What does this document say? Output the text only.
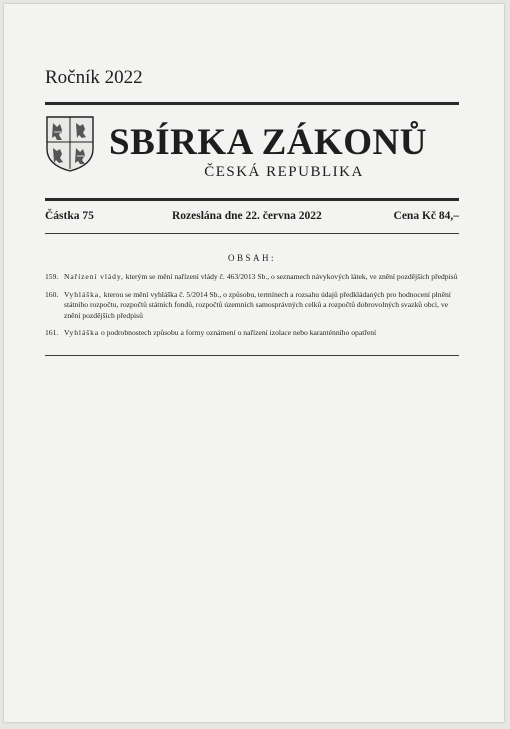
Ročník 2022
SBÍRKA ZÁKONŮ
ČESKÁ REPUBLIKA
Částka 75	Rozeslána dne 22. června 2022	Cena Kč 84,–
OBSAH:
159. Nařízení vlády, kterým se mění nařízení vlády č. 463/2013 Sb., o seznamech návykových látek, ve znění pozdějších předpisů
160. Vyhláška, kterou se mění vyhláška č. 5/2014 Sb., o způsobu, termínech a rozsahu údajů předkládaných pro hodnocení plnění státního rozpočtu, rozpočtů státních fondů, rozpočtů územních samosprávných celků a rozpočtů dobrovolných svazků obcí, ve znění pozdějších předpisů
161. Vyhláška o podrobnostech způsobu a formy oznámení o nařízení izolace nebo karanténního opatření
